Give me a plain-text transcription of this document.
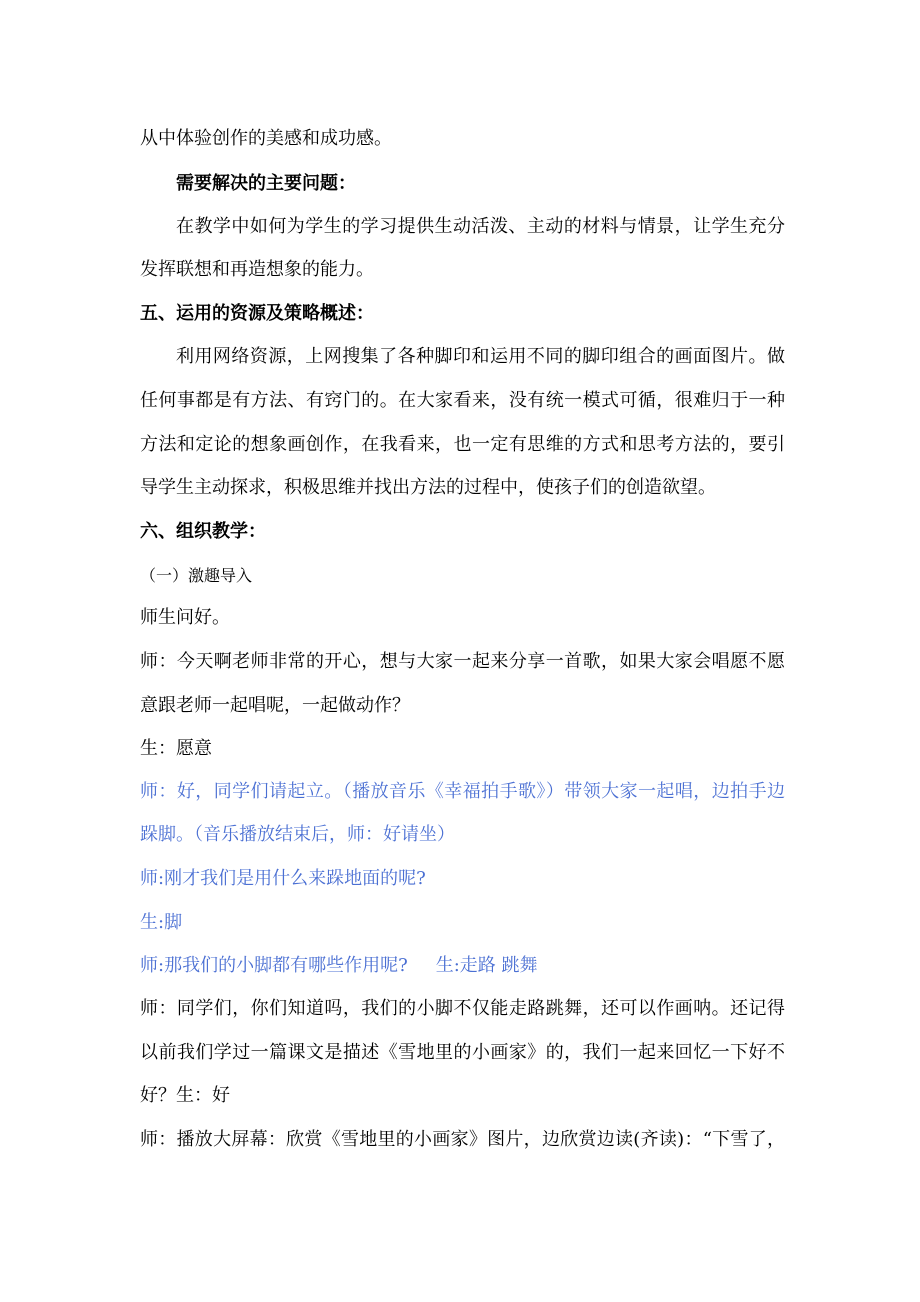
从中体验创作的美感和成功感。
需要解决的主要问题：
在教学中如何为学生的学习提供生动活泼、主动的材料与情景，让学生充分
发挥联想和再造想象的能力。
五、运用的资源及策略概述：
利用网络资源，上网搜集了各种脚印和运用不同的脚印组合的画面图片。做
任何事都是有方法、有窍门的。在大家看来，没有统一模式可循，很难归于一种
方法和定论的想象画创作，在我看来，也一定有思维的方式和思考方法的，要引
导学生主动探求，积极思维并找出方法的过程中，使孩子们的创造欲望。
六、组织教学：
（一）激趣导入
师生问好。
师：今天啊老师非常的开心，想与大家一起来分享一首歌，如果大家会唱愿不愿
意跟老师一起唱呢，一起做动作？
生：愿意
师：好，同学们请起立。（播放音乐《幸福拍手歌》）带领大家一起唱，边拍手边
跺脚。（音乐播放结束后，师：好请坐）
师:刚才我们是用什么来跺地面的呢?
生:脚
师:那我们的小脚都有哪些作用呢? 生:走路 跳舞
师：同学们，你们知道吗，我们的小脚不仅能走路跳舞，还可以作画呐。还记得
以前我们学过一篇课文是描述《雪地里的小画家》的，我们一起来回忆一下好不
好？生：好
师：播放大屏幕：欣赏《雪地里的小画家》图片，边欣赏边读(齐读)：“下雪了，
